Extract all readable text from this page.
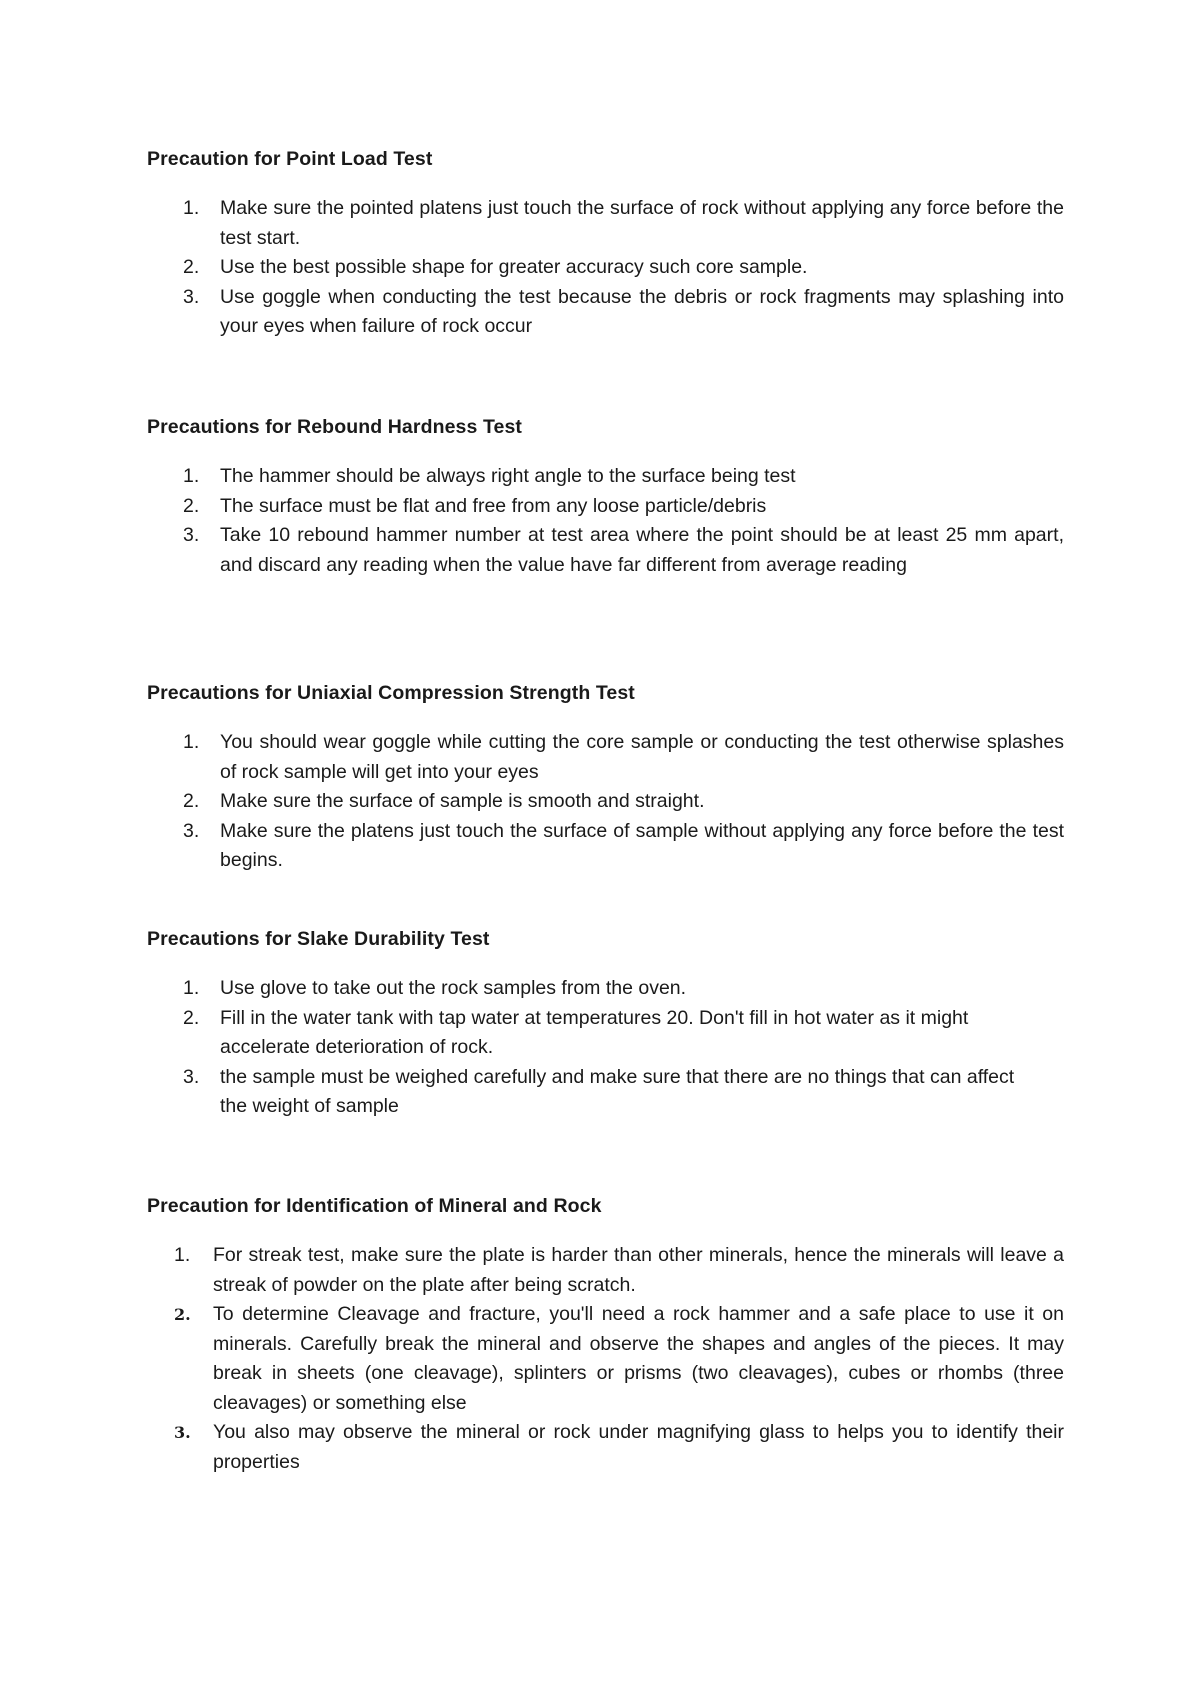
Precaution for Point Load Test
1.	Make sure the pointed platens just touch the surface of rock without applying any force before the test start.
2.	Use the best possible shape for greater accuracy such core sample.
3.	Use goggle when conducting the test because the debris or rock fragments may splashing into your eyes when failure of rock occur
Precautions for Rebound Hardness Test
1.	The hammer should be always right angle to the surface being test
2.	The surface must be flat and free from any loose particle/debris
3.	Take 10 rebound hammer number at test area where the point should be at least 25 mm apart, and discard any reading when the value have far different from average reading
Precautions for Uniaxial Compression Strength Test
1.	You should wear goggle while cutting the core sample or conducting the test otherwise splashes of rock sample will get into your eyes
2.	Make sure the surface of sample is smooth and straight.
3.	Make sure the platens just touch the surface of sample without applying any force before the test begins.
Precautions for Slake Durability Test
1.	Use glove to take out the rock samples from the oven.
2.	Fill in the water tank with tap water at temperatures 20. Don't fill in hot water as it might accelerate deterioration of rock.
3.	the sample must be weighed carefully and make sure that there are no things that can affect the weight of sample
Precaution for Identification of Mineral and Rock
1.	For streak test, make sure the plate is harder than other minerals, hence the minerals will leave a streak of powder on the plate after being scratch.
2.	To determine Cleavage and fracture, you'll need a rock hammer and a safe place to use it on minerals. Carefully break the mineral and observe the shapes and angles of the pieces. It may break in sheets (one cleavage), splinters or prisms (two cleavages), cubes or rhombs (three cleavages) or something else
3.	You also may observe the mineral or rock under magnifying glass to helps you to identify their properties
